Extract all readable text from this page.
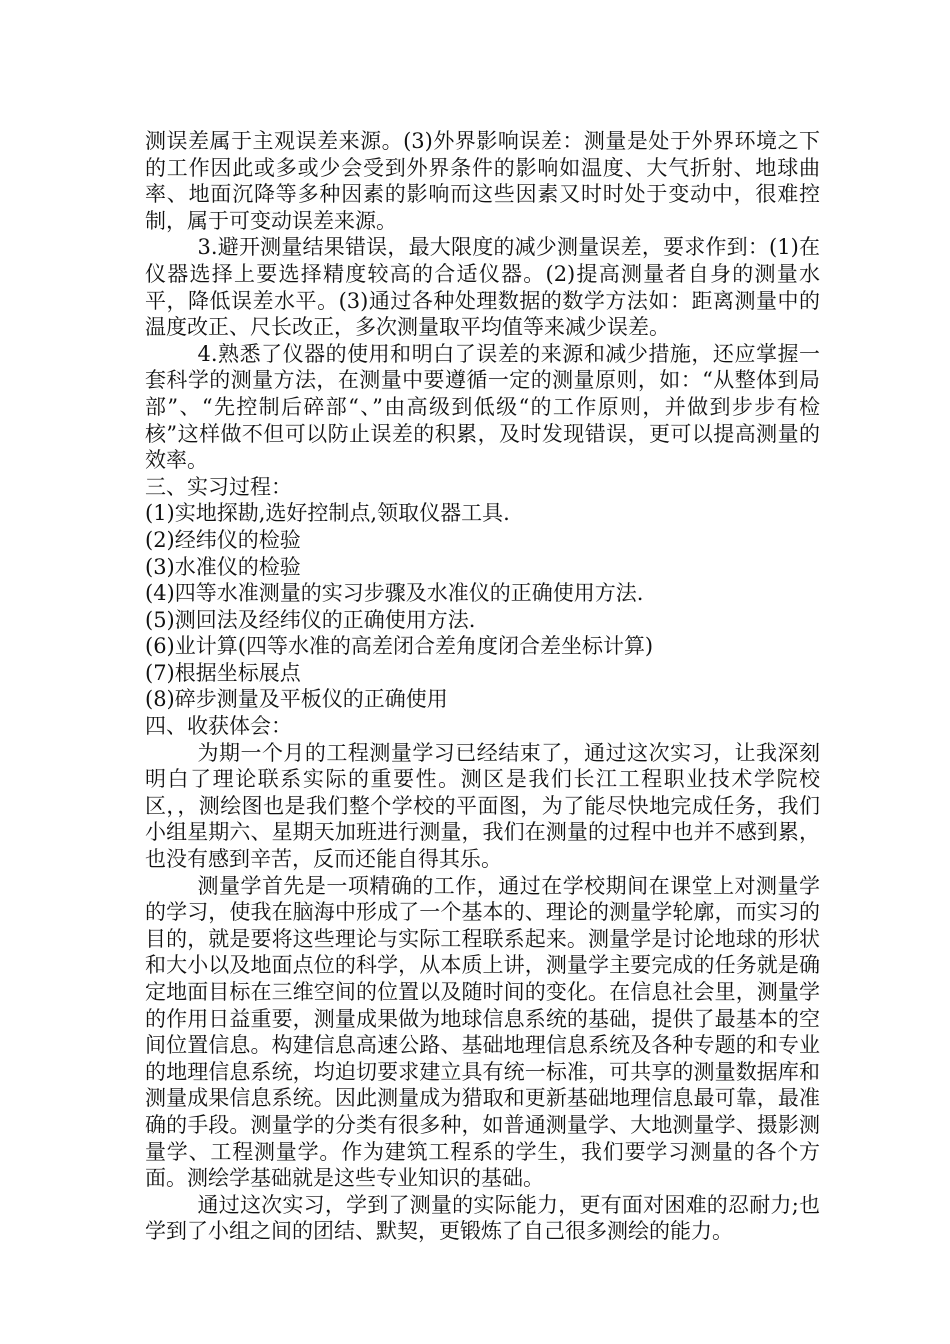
测误差属于主观误差来源。(3)外界影响误差：测量是处于外界环境之下的工作因此或多或少会受到外界条件的影响如温度、大气折射、地球曲率、地面沉降等多种因素的影响而这些因素又时时处于变动中，很难控制，属于可变动误差来源。

3.避开测量结果错误，最大限度的减少测量误差，要求作到：(1)在仪器选择上要选择精度较高的合适仪器。(2)提高测量者自身的测量水平，降低误差水平。(3)通过各种处理数据的数学方法如：距离测量中的温度改正、尺长改正，多次测量取平均值等来减少误差。

4.熟悉了仪器的使用和明白了误差的来源和减少措施，还应掌握一套科学的测量方法，在测量中要遵循一定的测量原则，如：“从整体到局部”、“先控制后碎部“、”由高级到低级“的工作原则，并做到步步有检核”这样做不但可以防止误差的积累，及时发现错误，更可以提高测量的效率。

三、实习过程：

(1)实地探勘,选好控制点,领取仪器工具.

(2)经纬仪的检验

(3)水准仪的检验

(4)四等水准测量的实习步骤及水准仪的正确使用方法.

(5)测回法及经纬仪的正确使用方法.

(6)业计算(四等水准的高差闭合差角度闭合差坐标计算)

(7)根据坐标展点

(8)碎步测量及平板仪的正确使用

四、收获体会：

为期一个月的工程测量学习已经结束了，通过这次实习，让我深刻明白了理论联系实际的重要性。测区是我们长江工程职业技术学院校区，，测绘图也是我们整个学校的平面图，为了能尽快地完成任务，我们小组星期六、星期天加班进行测量，我们在测量的过程中也并不感到累，也没有感到辛苦，反而还能自得其乐。

测量学首先是一项精确的工作，通过在学校期间在课堂上对测量学的学习，使我在脑海中形成了一个基本的、理论的测量学轮廓，而实习的目的，就是要将这些理论与实际工程联系起来。测量学是讨论地球的形状和大小以及地面点位的科学，从本质上讲，测量学主要完成的任务就是确定地面目标在三维空间的位置以及随时间的变化。在信息社会里，测量学的作用日益重要，测量成果做为地球信息系统的基础，提供了最基本的空间位置信息。构建信息高速公路、基础地理信息系统及各种专题的和专业的地理信息系统，均迫切要求建立具有统一标准，可共享的测量数据库和测量成果信息系统。因此测量成为猎取和更新基础地理信息最可靠，最准确的手段。测量学的分类有很多种，如普通测量学、大地测量学、摄影测量学、工程测量学。作为建筑工程系的学生，我们要学习测量的各个方面。测绘学基础就是这些专业知识的基础。

通过这次实习，学到了测量的实际能力，更有面对困难的忍耐力;也学到了小组之间的团结、默契，更锻炼了自己很多测绘的能力。
